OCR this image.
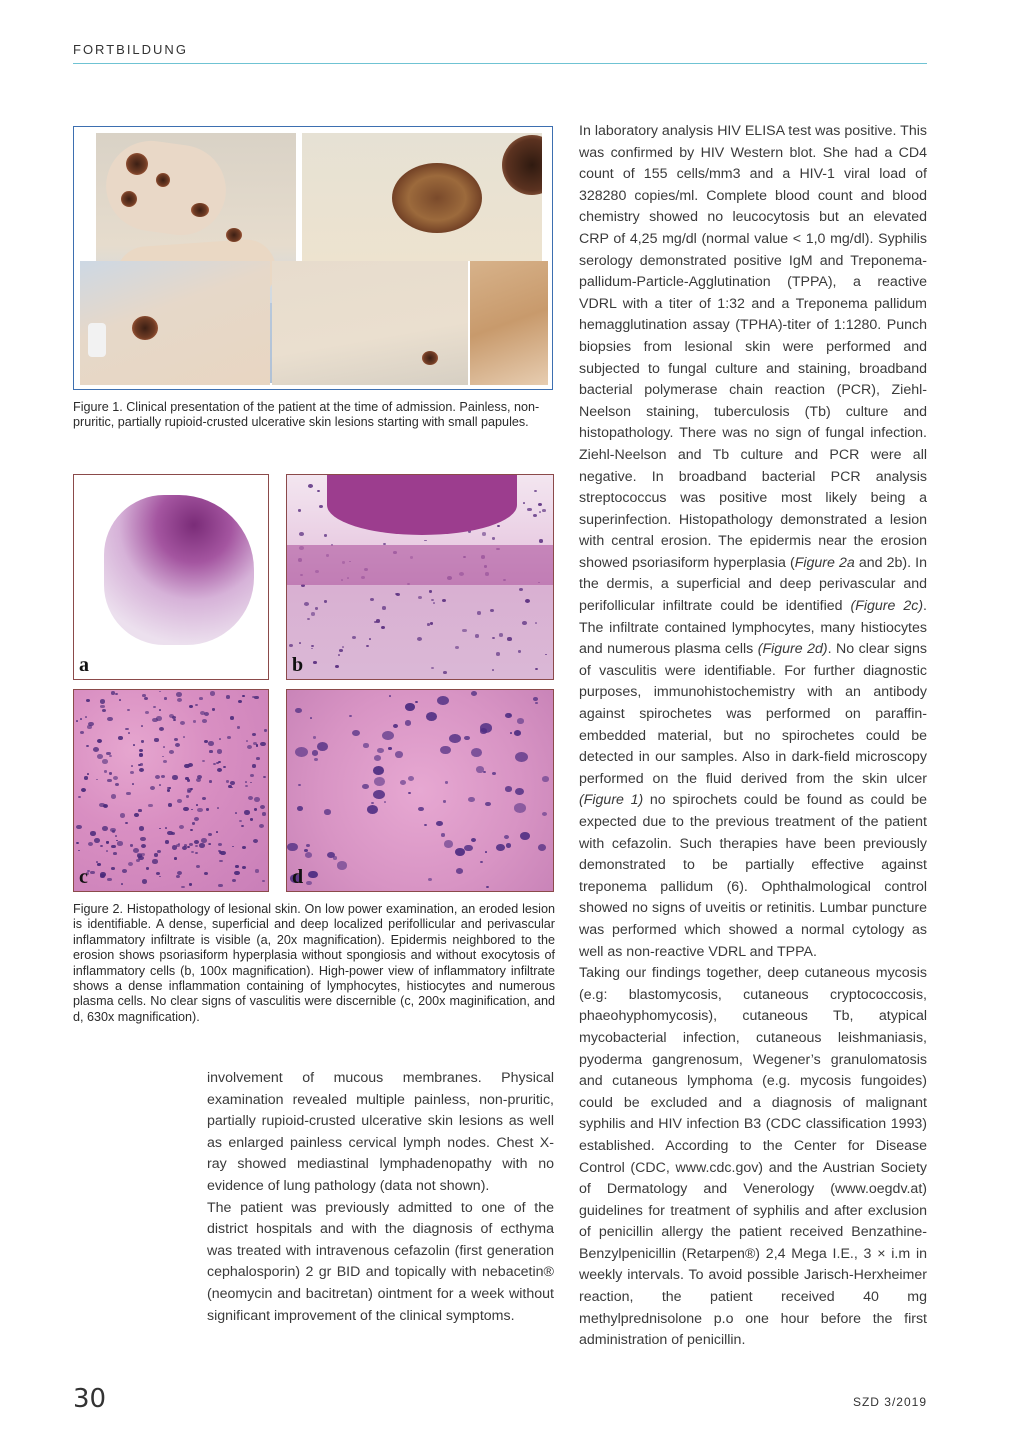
FORTBILDUNG
Figure 1. Clinical presentation of the patient at the time of admission. Painless, non-pruritic, partially rupioid-crusted ulcerative skin lesions starting with small papules.
a	b
c	d
Figure 2. Histopathology of lesional skin. On low power examination, an eroded lesion is identifiable. A dense, superficial and deep localized perifollicular and perivascular inflammatory infiltrate is visible (a, 20x magnification). Epidermis neighbored to the erosion shows psoriasiform hyperplasia without spongiosis and without exocytosis of inflammatory cells (b, 100x magnification). High-power view of inflammatory infiltrate shows a dense inflammation containing of lymphocytes, histiocytes and numerous plasma cells. No clear signs of vasculitis were discernible (c, 200x maginification, and d, 630x magnification).

involvement of mucous membranes. Physical examination revealed multiple painless, non-pruritic, partially rupioid-crusted ulcerative skin lesions as well as enlarged painless cervical lymph nodes. Chest X-ray showed mediastinal lymphadenopathy with no evidence of lung pathology (data not shown).

The patient was previously admitted to one of the district hospitals and with the diagnosis of ecthyma was treated with intravenous cefazolin (first generation cephalosporin) 2 gr BID and topically with nebacetin® (neomycin and bacitretan) ointment for a week without significant improvement of the clinical symptoms.

In laboratory analysis HIV ELISA test was positive. This was confirmed by HIV Western blot. She had a CD4 count of 155 cells/mm3 and a HIV-1 viral load of 328280 copies/ml. Complete blood count and blood chemistry showed no leucocytosis but an elevated CRP of 4,25 mg/dl (normal value < 1,0 mg/dl). Syphilis serology demonstrated positive IgM and Treponema-pallidum-Particle-Agglutination (TPPA), a reactive VDRL with a titer of 1:32 and a Treponema pallidum hemagglutination assay (TPHA)-titer of 1:1280. Punch biopsies from lesional skin were performed and subjected to fungal culture and staining, broadband bacterial polymerase chain reaction (PCR), Ziehl-Neelson staining, tuberculosis (Tb) culture and histopathology. There was no sign of fungal infection. Ziehl-Neelson and Tb culture and PCR were all negative. In broadband bacterial PCR analysis streptococcus was positive most likely being a superinfection. Histopathology demonstrated a lesion with central erosion. The epidermis near the erosion showed psoriasiform hyperplasia (Figure 2a and 2b). In the dermis, a superficial and deep perivascular and perifollicular infiltrate could be identified (Figure 2c). The infiltrate contained lymphocytes, many histiocytes and numerous plasma cells (Figure 2d). No clear signs of vasculitis were identifiable. For further diagnostic purposes, immunohistochemistry with an antibody against spirochetes was performed on paraffin-embedded material, but no spirochetes could be detected in our samples. Also in dark-field microscopy performed on the fluid derived from the skin ulcer (Figure 1) no spirochets could be found as could be expected due to the previous treatment of the patient with cefazolin. Such therapies have been previously demonstrated to be partially effective against treponema pallidum (6). Ophthalmological control showed no signs of uveitis or retinitis. Lumbar puncture was performed which showed a normal cytology as well as non-reactive VDRL and TPPA.

Taking our findings together, deep cutaneous mycosis (e.g: blastomycosis, cutaneous cryptococcosis, phaeohyphomycosis), cutaneous Tb, atypical mycobacterial infection, cutaneous leishmaniasis, pyoderma gangrenosum, Wegener’s granulomatosis and cutaneous lymphoma (e.g. mycosis fungoides) could be excluded and a diagnosis of malignant syphilis and HIV infection B3 (CDC classification 1993) established. According to the Center for Disease Control (CDC, www.cdc.gov) and the Austrian Society of Dermatology and Venerology (www.oegdv.at) guidelines for treatment of syphilis and after exclusion of penicillin allergy the patient received Benzathine-Benzylpenicillin (Retarpen®) 2,4 Mega I.E., 3 × i.m in weekly intervals. To avoid possible Jarisch-Herxheimer reaction, the patient received 40 mg methylprednisolone p.o one hour before the first administration of penicillin.

30	SZD 3/2019
